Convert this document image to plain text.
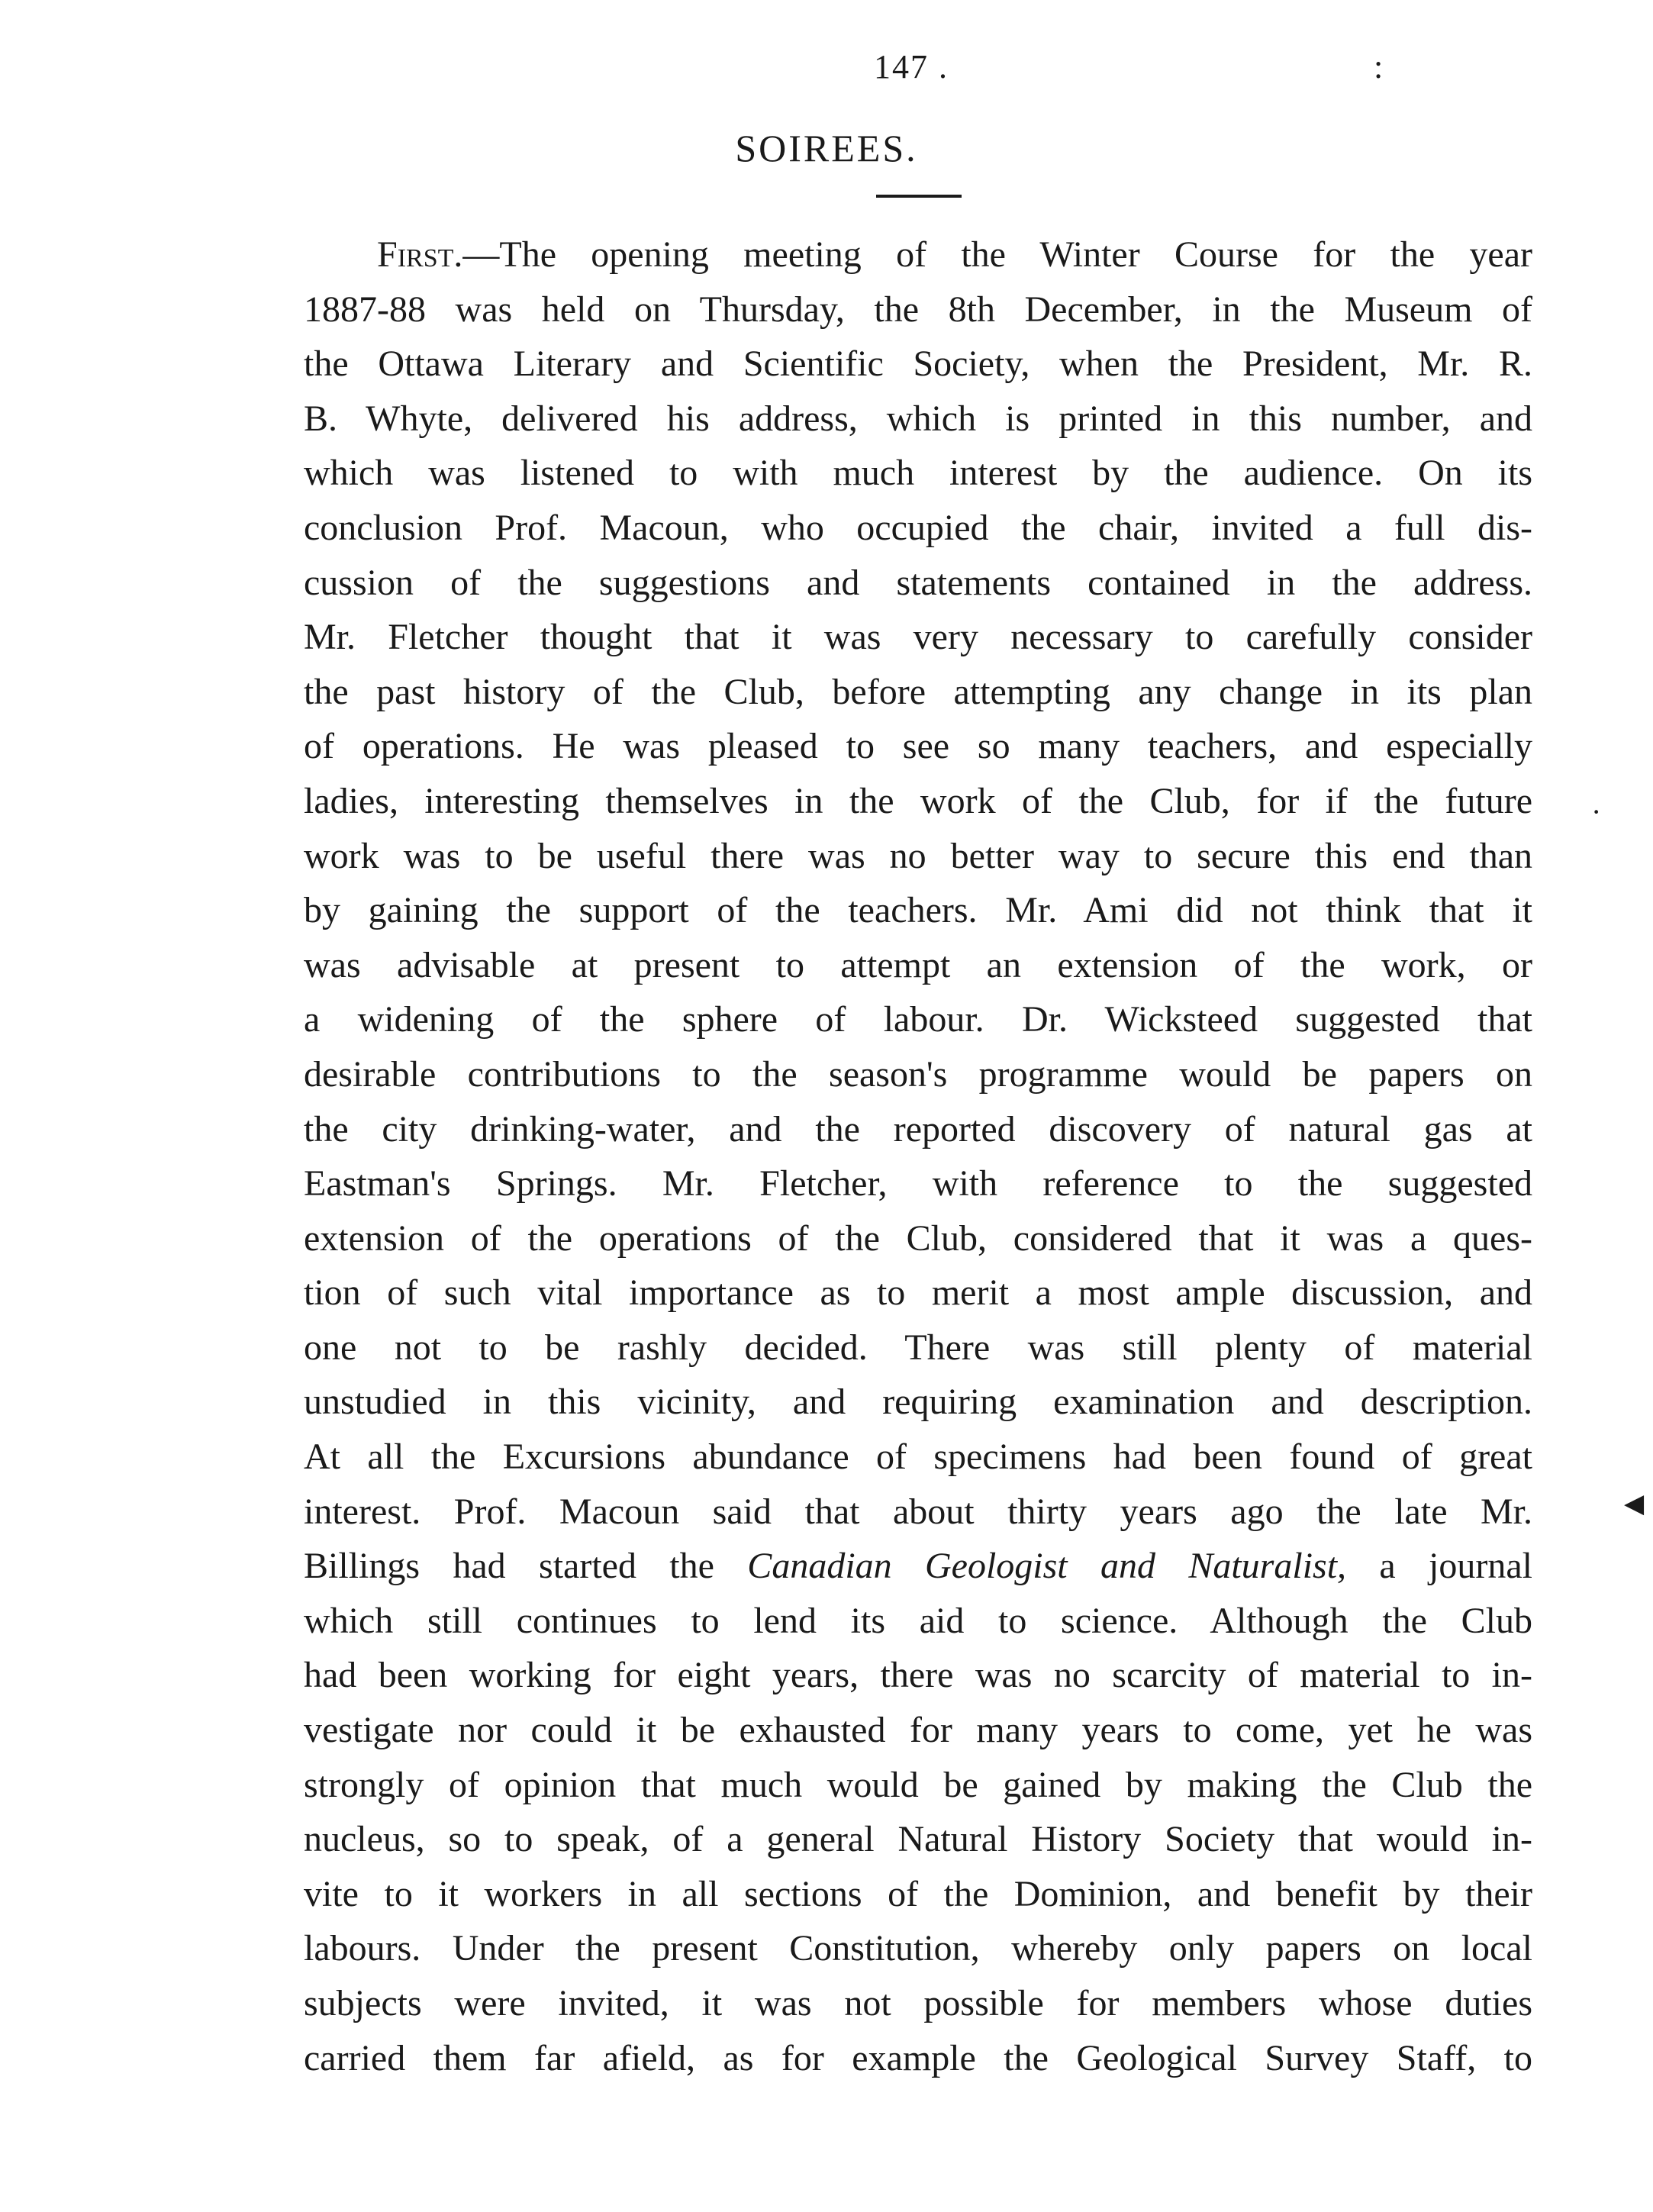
147 .	:
SOIREES.
First.—The opening meeting of the Winter Course for the year
1887-88 was held on Thursday, the 8th December, in the Museum of
the Ottawa Literary and Scientific Society, when the President, Mr. R.
B. Whyte, delivered his address, which is printed in this number, and
which was listened to with much interest by the audience. On its
conclusion Prof. Macoun, who occupied the chair, invited a full dis-
cussion of the suggestions and statements contained in the address.
Mr. Fletcher thought that it was very necessary to carefully consider
the past history of the Club, before attempting any change in its plan
of operations. He was pleased to see so many teachers, and especially
ladies, interesting themselves in the work of the Club, for if the future
work was to be useful there was no better way to secure this end than
by gaining the support of the teachers. Mr. Ami did not think that it
was advisable at present to attempt an extension of the work, or
a widening of the sphere of labour. Dr. Wicksteed suggested that
desirable contributions to the season's programme would be papers on
the city drinking-water, and the reported discovery of natural gas at
Eastman's Springs. Mr. Fletcher, with reference to the suggested
extension of the operations of the Club, considered that it was a ques-
tion of such vital importance as to merit a most ample discussion, and
one not to be rashly decided. There was still plenty of material
unstudied in this vicinity, and requiring examination and description.
At all the Excursions abundance of specimens had been found of great
interest. Prof. Macoun said that about thirty years ago the late Mr.
Billings had started the Canadian Geologist and Naturalist, a journal
which still continues to lend its aid to science. Although the Club
had been working for eight years, there was no scarcity of material to in-
vestigate nor could it be exhausted for many years to come, yet he was
strongly of opinion that much would be gained by making the Club the
nucleus, so to speak, of a general Natural History Society that would in-
vite to it workers in all sections of the Dominion, and benefit by their
labours. Under the present Constitution, whereby only papers on local
subjects were invited, it was not possible for members whose duties
carried them far afield, as for example the Geological Survey Staff, to
·
◀
